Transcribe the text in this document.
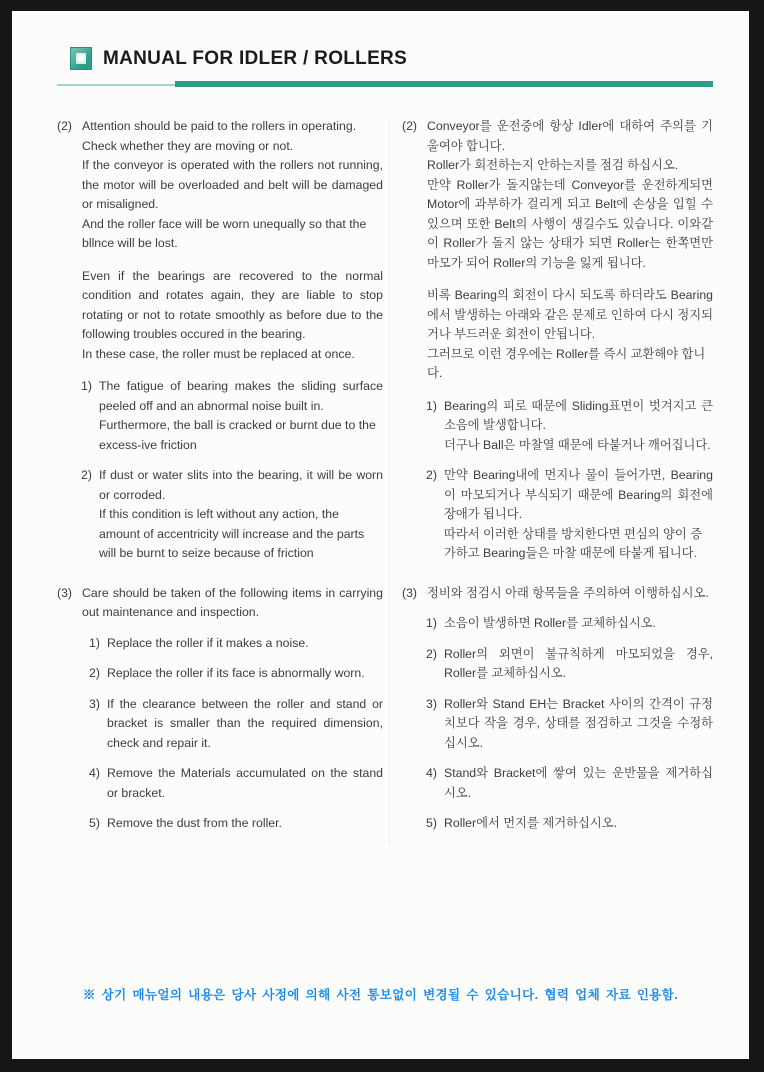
MANUAL FOR IDLER / ROLLERS
(2) Attention should be paid to the rollers in operating.
Check whether they are moving or not.
If the conveyor is operated with the rollers not running, the motor will be overloaded and belt will be damaged or misaligned.
And the roller face will be worn unequally so that the bllnce will be lost.
Even if the bearings are recovered to the normal condition and rotates again, they are liable to stop rotating or not to rotate smoothly as before due to the following troubles occured in the bearing.
In these case, the roller must be replaced at once.
1) The fatigue of bearing makes the sliding surface peeled off and an abnormal noise built in.
Furthermore, the ball is cracked or burnt due to the excess-ive friction
2) If dust or water slits into the bearing, it will be worn or corroded.
If this condition is left without any action, the amount of accentricity will increase and the parts will be burnt to seize because of friction
(3) Care should be taken of the following items in carrying out maintenance and inspection.
1) Replace the roller if it makes a noise.
2) Replace the roller if its face is abnormally worn.
3) If the clearance between the roller and stand or bracket is smaller than the required dimension, check and repair it.
4) Remove the Materials accumulated on the stand or bracket.
5) Remove the dust from the roller.
(2) Conveyor를 운전중에 항상 Idler에 대하여 주의를 기울여야 합니다.
Roller가 회전하는지 안하는지를 점검 하십시오.
만약 Roller가 돌지않는데 Conveyor를 운전하게되면 Motor에 과부하가 걸리게 되고 Belt에 손상을 입힐 수 있으며 또한 Belt의 사행이 생길수도 있습니다. 이와같이 Roller가 돌지 않는 상태가 되면 Roller는 한쪽면만 마모가 되어 Roller의 기능을 잃게 됩니다.
비록 Bearing의 회전이 다시 되도록 하더라도 Bearing에서 발생하는 아래와 같은 문제로 인하여 다시 정지되거나 부드러운 회전이 안됩니다.
그러므로 이런 경우에는 Roller를 즉시 교환해야 합니다.
1) Bearing의 피로 때문에 Sliding표면이 벗겨지고 큰 소음에 발생합니다.
더구나 Ball은 마찰열 때문에 타붙거나 깨어집니다.
2) 만약 Bearing내에 먼지나 물이 들어가면, Bearing이 마모되거나 부식되기 때문에 Bearing의 회전에 장애가 됩니다.
따라서 이러한 상태를 방치한다면 편심의 양이 증가하고 Bearing들은 마찰 때문에 타붙게 됩니다.
(3) 정비와 점검시 아래 항목들을 주의하여 이행하십시오.
1) 소음이 발생하면 Roller를 교체하십시오.
2) Roller의 외면이 불규칙하게 마모되었을 경우, Roller를 교체하십시오.
3) Roller와 Stand EH는 Bracket 사이의 간격이 규정치보다 작을 경우, 상태를 점검하고 그것을 수정하십시오.
4) Stand와 Bracket에 쌓여 있는 운반물을 제거하십시오.
5) Roller에서 먼지를 제거하십시오.
※ 상기 매뉴얼의 내용은 당사 사정에 의해 사전 통보없이 변경될 수 있습니다. 협력 업체 자료 인용함.
